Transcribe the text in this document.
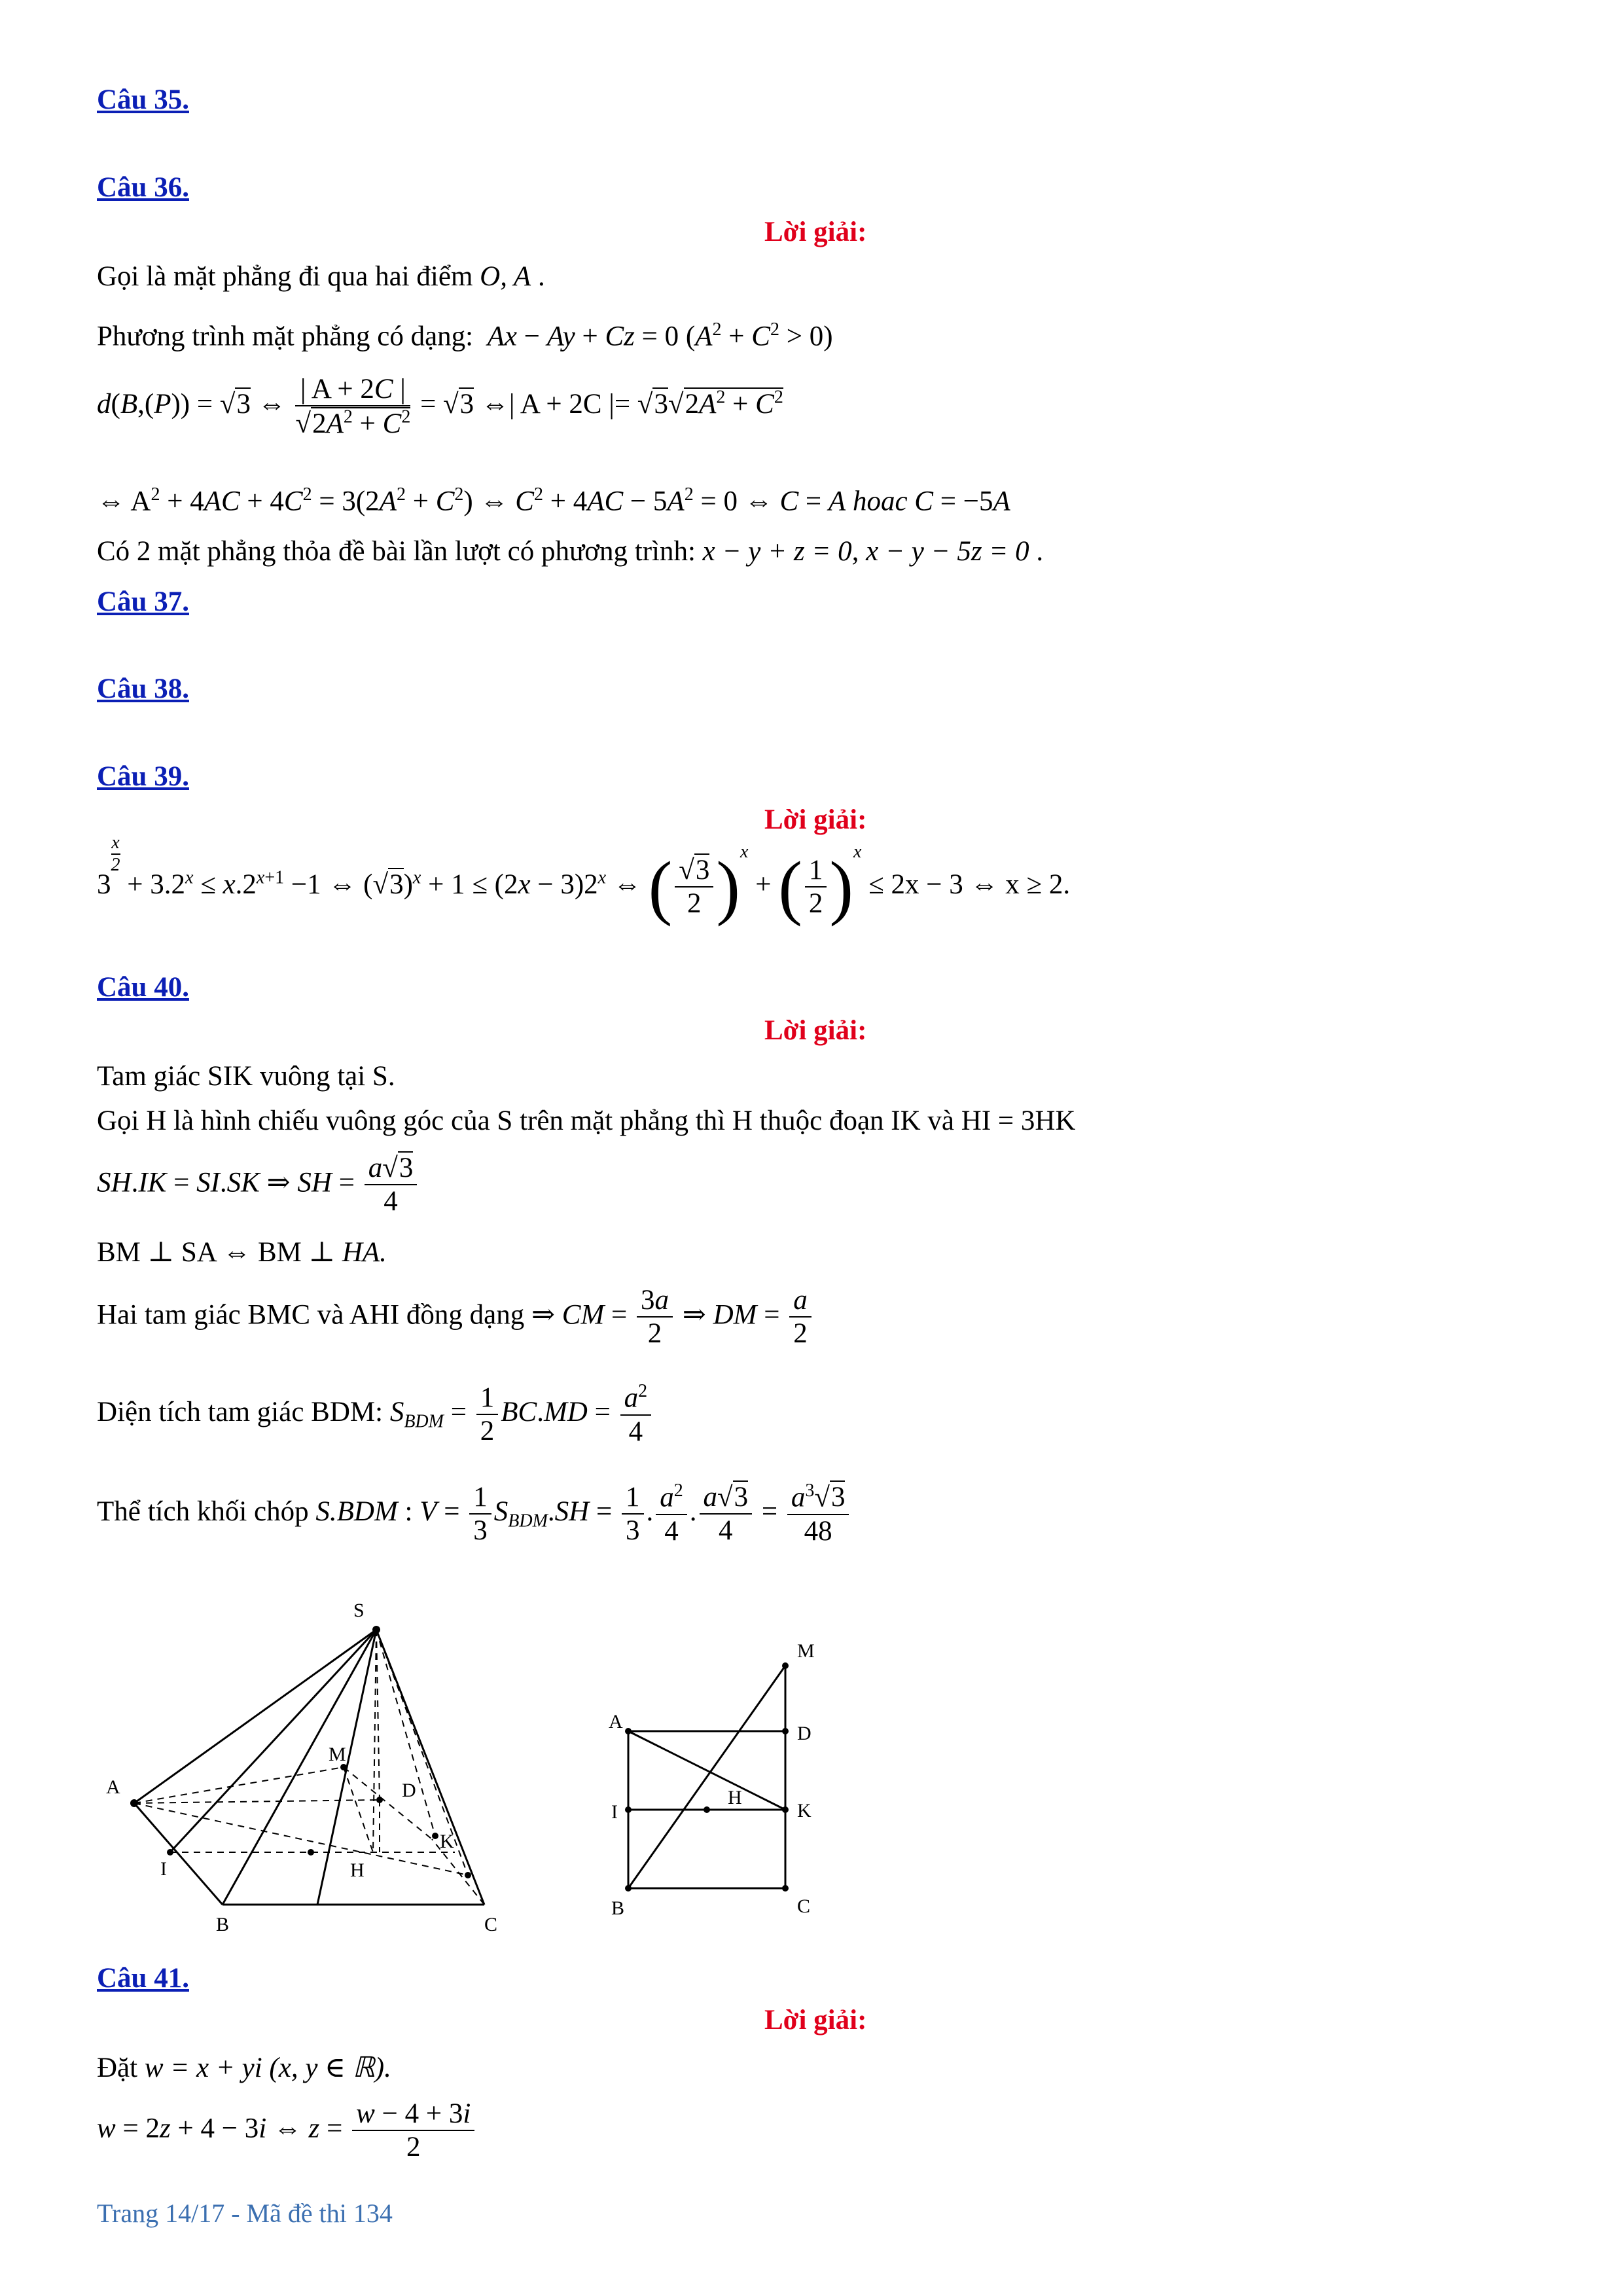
Câu 35.
Câu 36.
Lời giải:
Gọi là mặt phẳng đi qua hai điểm O, A .
Phương trình mặt phẳng có dạng: Ax − Ay + Cz = 0 $(A^2 + C^2 > 0)$
d(B,(P)) = √3 ⇔ $\frac{| A + 2C |}{√2A^2 + C^2} = √3$ ⇔| A + 2C |= $√3√2A^2 + C^2$
⇔ $A^2 + 4AC + 4C^2 = 3(2A^2 + C^2)$ ⇔ $C^2 + 4AC - 5A^2 = 0$ ⇔ C = A hoac C = −5A
Có 2 mặt phẳng thỏa đề bài lần lượt có phương trình: x − y + z = 0, x − y − 5z = 0 .
Câu 37.
Câu 38.
Câu 39.
Lời giải:
3
$^{\frac{x}{2}}$
+ $3.2^x \le x.2^{x+1} -1$ ⇔ $(√3)^x + 1 \le (2x - 3)2^x$ ⇔ ( $\frac{√3}{2} )^x$ + ( $\frac{1}{2} )^x \le 2x - 3$ ⇔ x ≥ 2.
Câu 40.
Lời giải:
Tam giác SIK vuông tại S.
Gọi H là hình chiếu vuông góc của S trên mặt phẳng thì H thuộc đoạn IK và HI = 3HK
SH.IK = SI.SK ⇒ SH = $\frac{a√3}{4}$
BM ⊥ SA ⇔ BM ⊥ HA.
Hai tam giác BMC và AHI đồng dạng ⇒ CM = $\frac{3a}{2}$ ⇒ DM = $\frac{a}{2}$
Diện tích tam giác BDM: $S_{BDM} = \frac{1}{2} BC.MD = \frac{a^2}{4}$
Thể tích khối chóp S.BDM : $V = \frac{1}{3} S_{BDM}.SH = \frac{1}{3}$ . $\frac{a^2}{4}$ . $\frac{a√3}{4} = \frac{a^3√3}{48}$
S
M
A	D
K
I	H
B	C
M
A
D
H
I	K
B	C
Câu 41.
Lời giải:
Đặt w = x + yi (x, y ∈ ℝ).
w = 2z + 4 − 3i ⇔ $z = \frac{w - 4 + 3i}{2}$
Trang 14/17 - Mã đề thi 134
